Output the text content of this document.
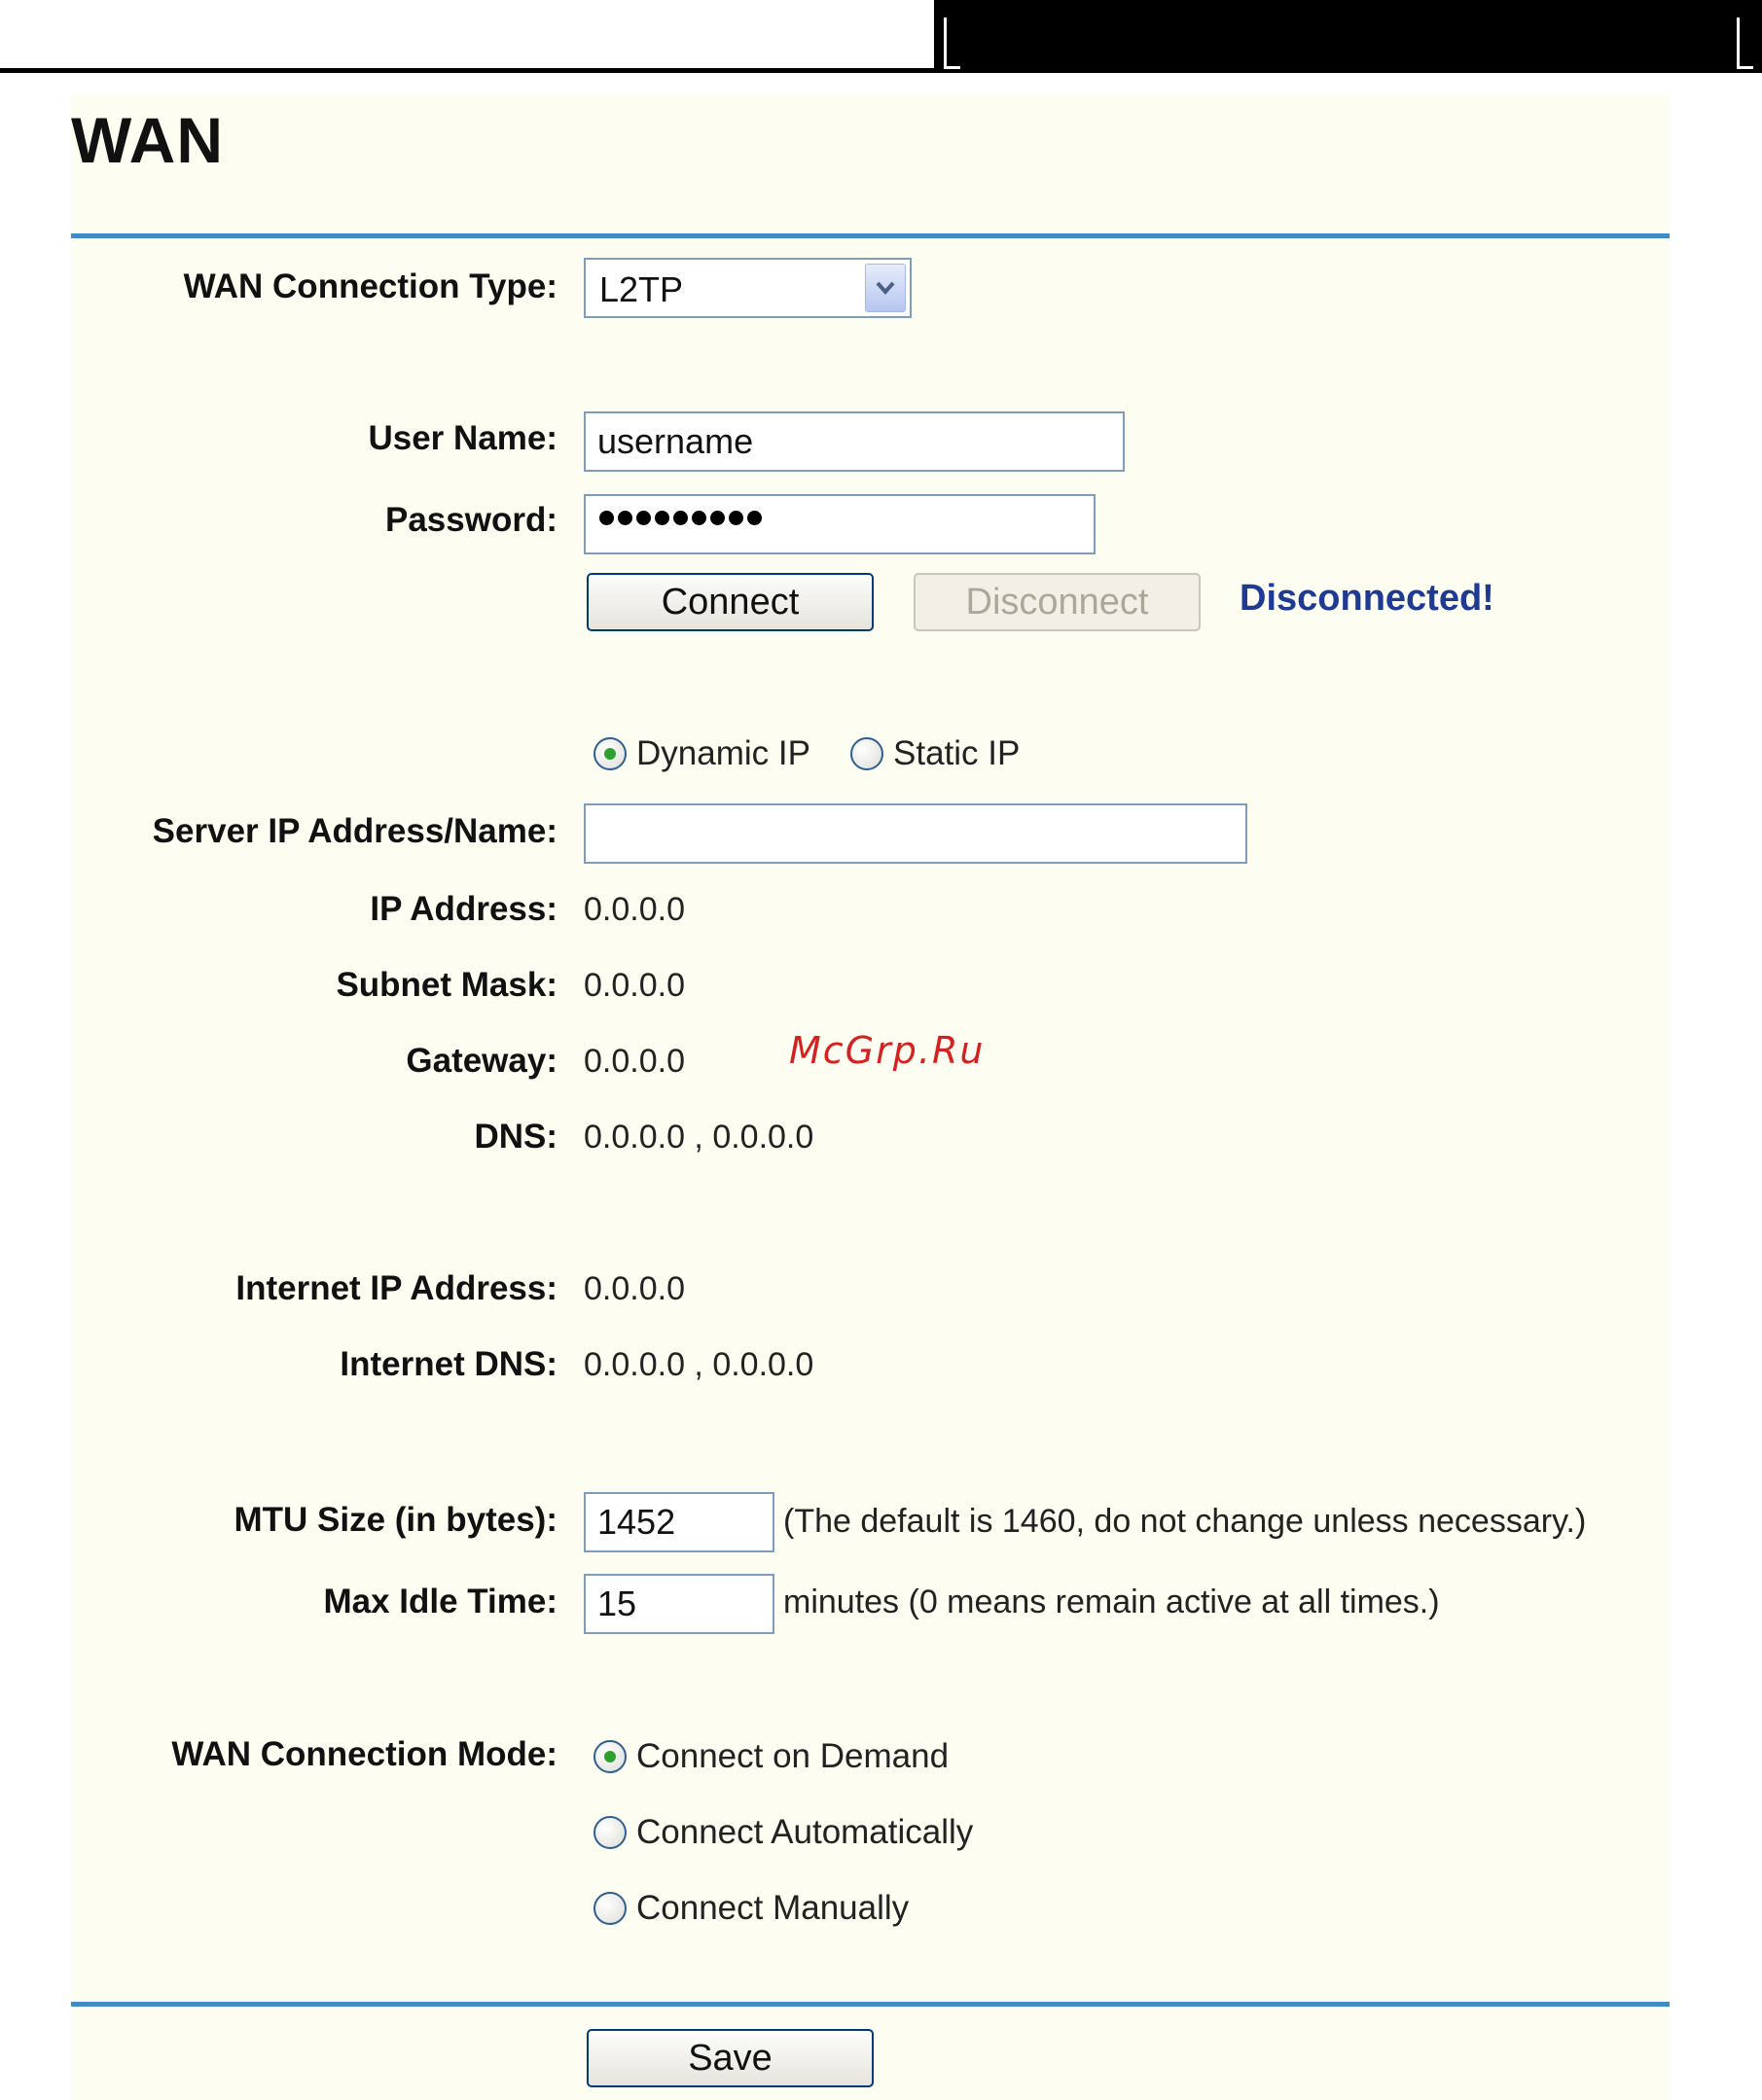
WAN
WAN Connection Type: L2TP
User Name:
username
Password:
Connect	Disconnect	Disconnected!
Dynamic IP Static IP
Server IP Address/Name:
IP Address: 0.0.0.0
Subnet Mask: 0.0.0.0
Gateway: 0.0.0.0
DNS: 0.0.0.0 , 0.0.0.0
Internet IP Address: 0.0.0.0
Internet DNS: 0.0.0.0 , 0.0.0.0
MTU Size (in bytes):
1452	(The default is 1460, do not change unless necessary.)
Max Idle Time:
15	minutes (0 means remain active at all times.)
WAN Connection Mode: Connect on Demand
Connect Automatically
Connect Manually
Save
McGrp.Ru
